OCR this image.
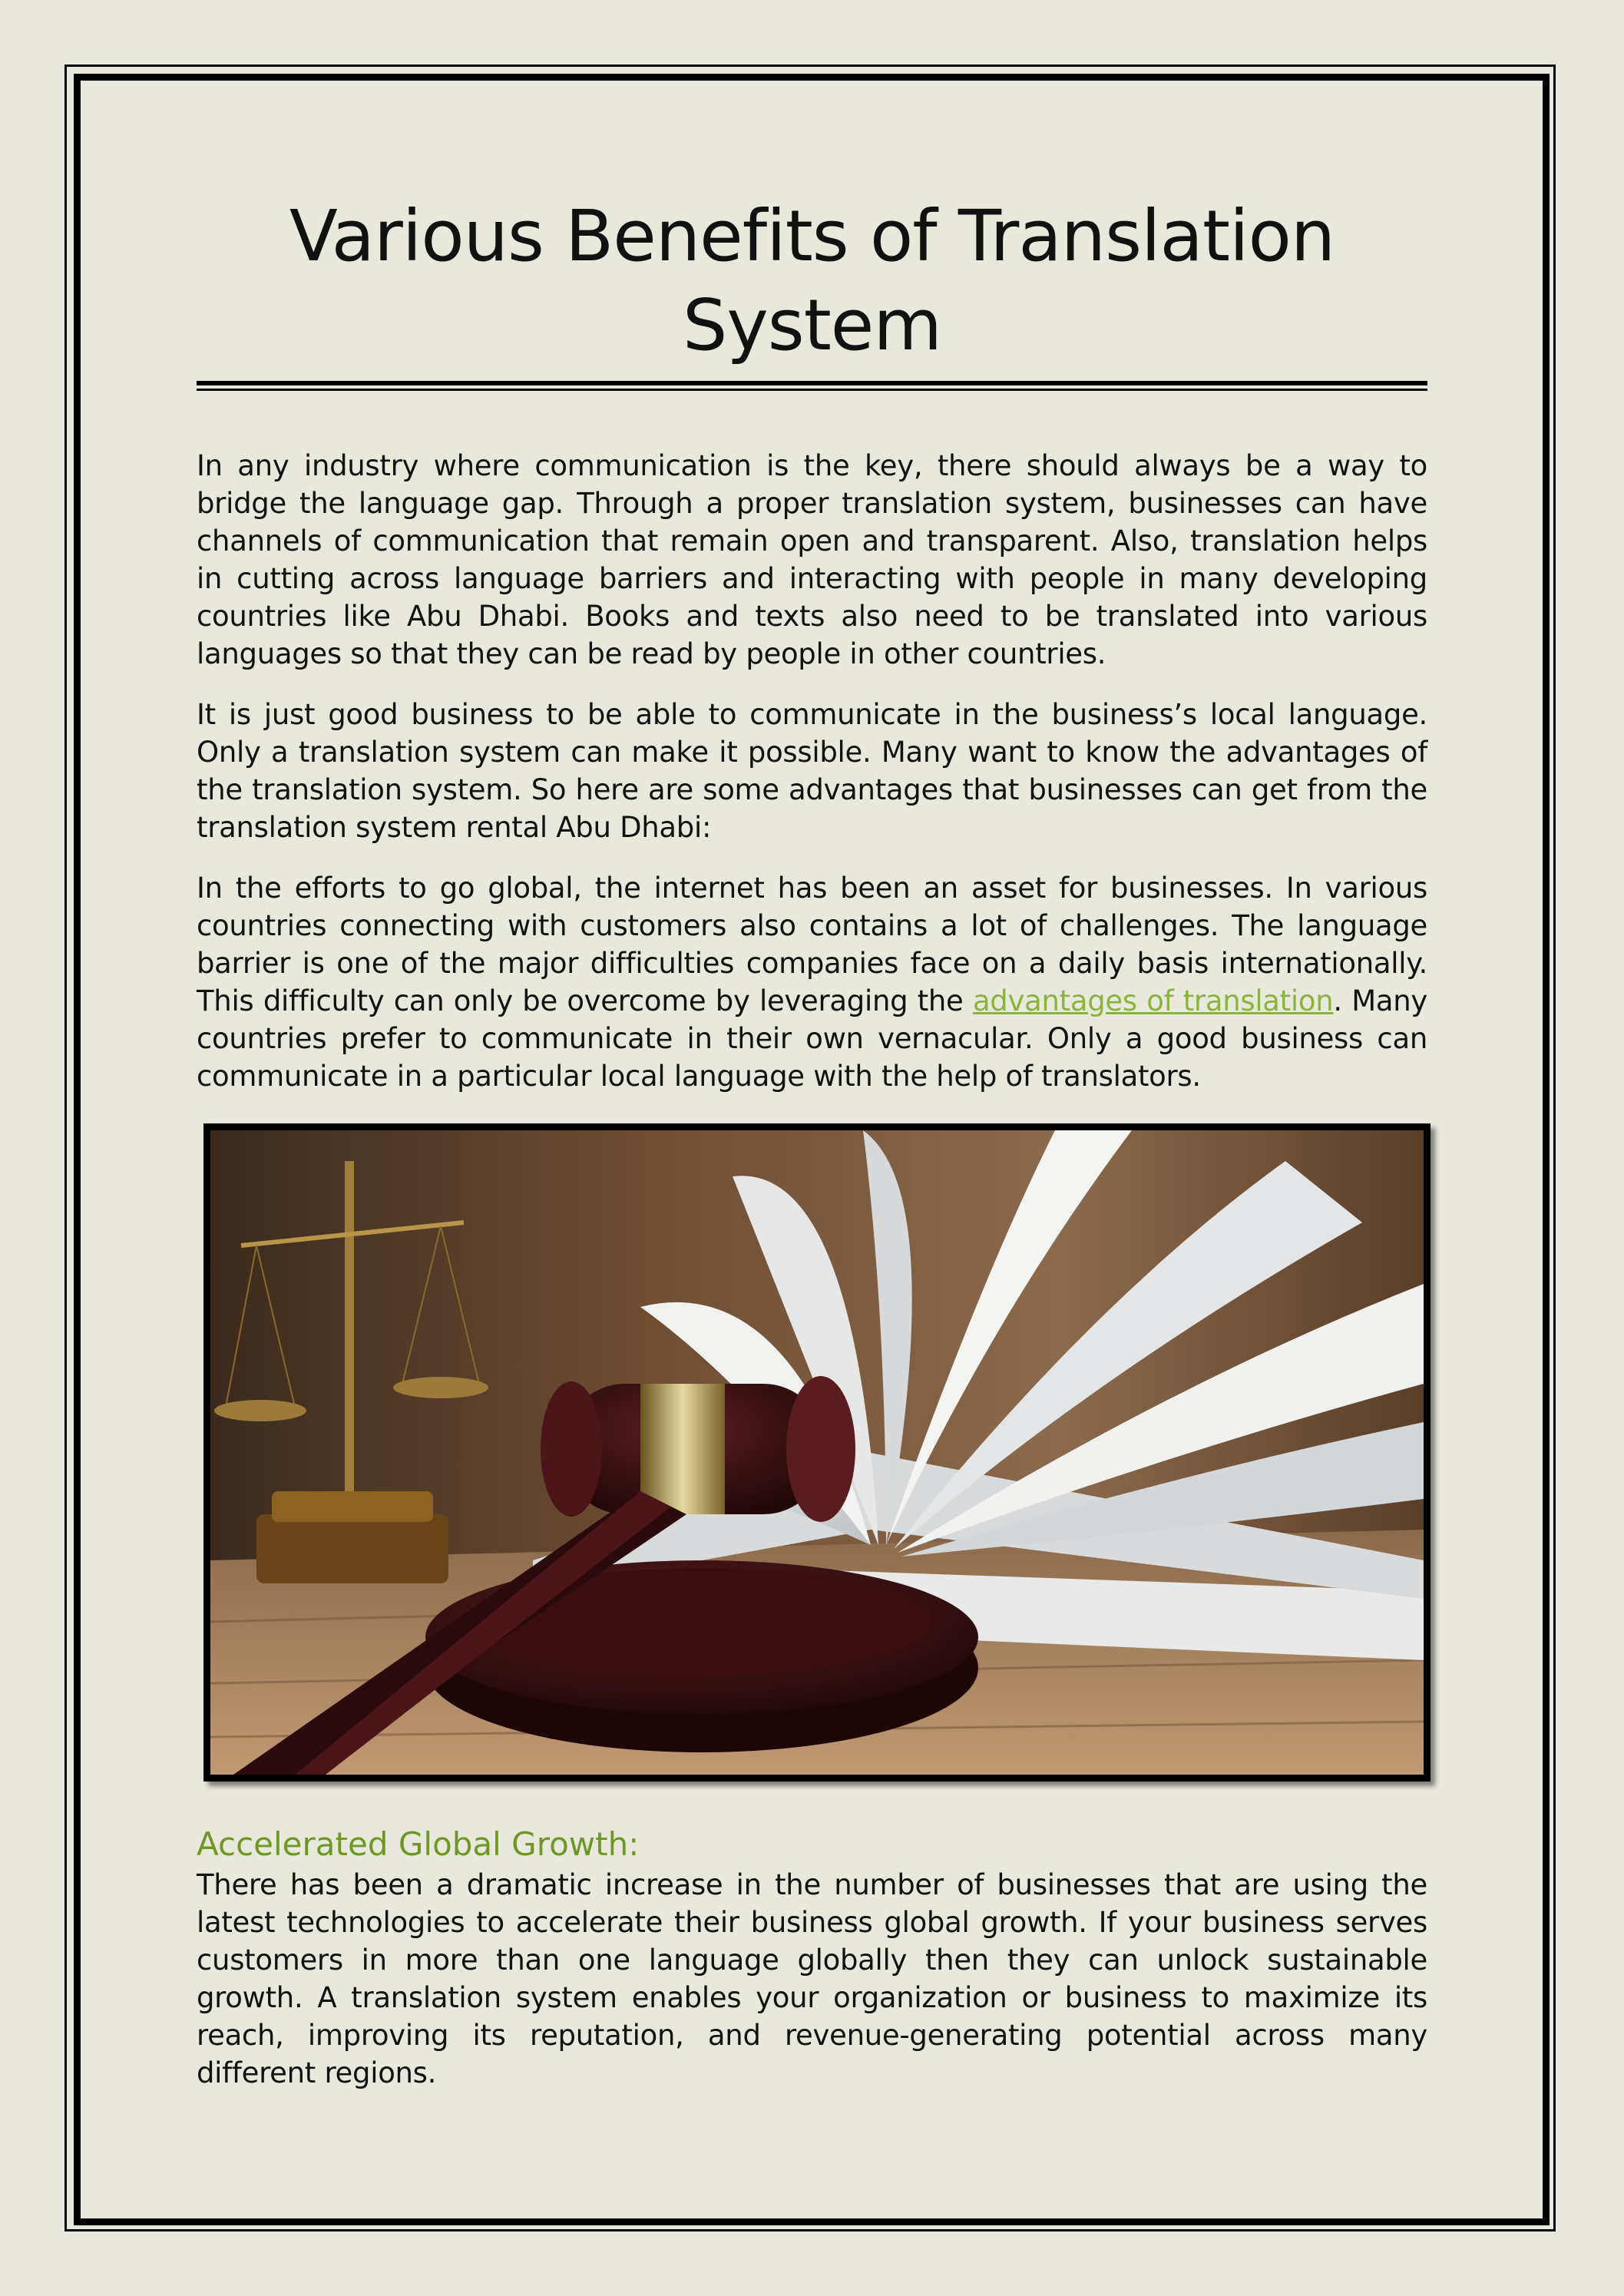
Various Benefits of Translation System

In any industry where communication is the key, there should always be a way to bridge the language gap. Through a proper translation system, businesses can have channels of communication that remain open and transparent. Also, translation helps in cutting across language barriers and interacting with people in many developing countries like Abu Dhabi. Books and texts also need to be translated into various languages so that they can be read by people in other countries.

It is just good business to be able to communicate in the business’s local language. Only a translation system can make it possible. Many want to know the advantages of the translation system. So here are some advantages that businesses can get from the translation system rental Abu Dhabi:

In the efforts to go global, the internet has been an asset for businesses. In various countries connecting with customers also contains a lot of challenges. The language barrier is one of the major difficulties companies face on a daily basis internationally. This difficulty can only be overcome by leveraging the advantages of translation. Many countries prefer to communicate in their own vernacular. Only a good business can communicate in a particular local language with the help of translators.

Accelerated Global Growth:

There has been a dramatic increase in the number of businesses that are using the latest technologies to accelerate their business global growth. If your business serves customers in more than one language globally then they can unlock sustainable growth. A translation system enables your organization or business to maximize its reach, improving its reputation, and revenue-generating potential across many different regions.
